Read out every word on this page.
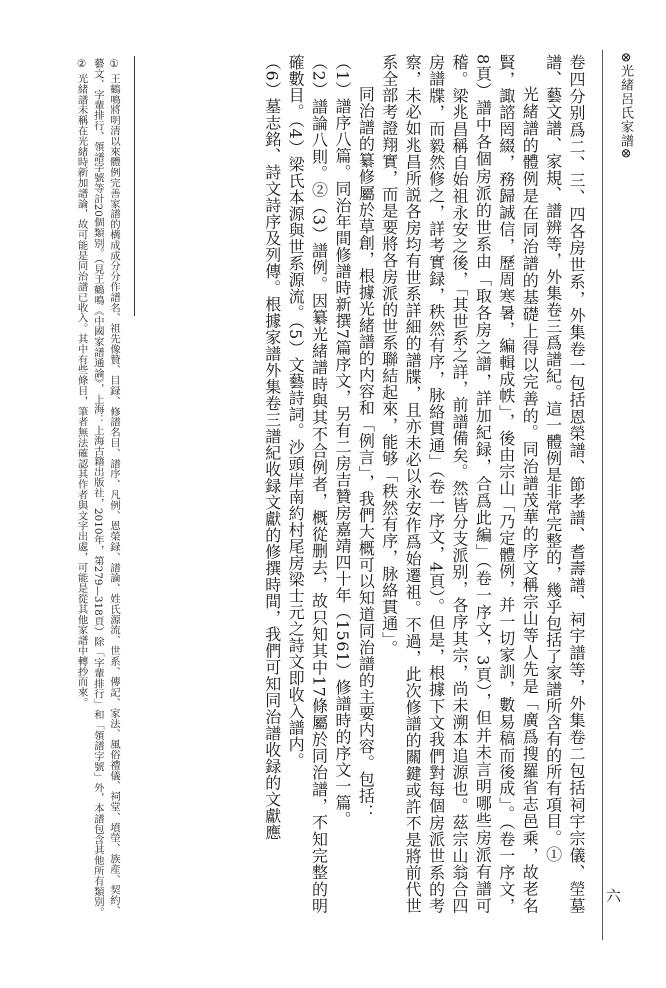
⊗光緒呂氏家譜⊗
六

卷四分别爲二、三、四各房世系，外集卷一包括恩榮譜、節孝譜、耆壽譜、祠宇譜等，外集卷二包括祠宇宗儀、塋墓譜、藝文譜、家規、譜辨等，外集卷三爲譜紀。這一體例是非常完整的，幾乎包括了家譜所含有的所有項目。①

光緒譜的體例是在同治譜的基礎上得以完善的。同治譜茂華的序文稱宗山等人先是「廣爲搜羅省志邑乘，故老名賢，諏諮罔綴，務歸誠信，歷周寒暑，編輯成帙」，後由宗山「乃定體例，并一切家訓，數易稿而後成」。（卷一序文，8頁）譜中各個房派的世系由「取各房之譜，詳加紀録，合爲此編」（卷一序文，3頁），但并未言明哪些房派有譜可稽。梁兆昌稱自始祖永安之後，「其世系之詳，前譜備矣。然皆分支派别，各序其宗，尚未溯本追源也。茲宗山翁合四房譜牒，而毅然修之，詳考實録，秩然有序，脉絡貫通」（卷一序文，4頁）。但是，根據下文我們對每個房派世系的考察，未必如兆昌所説各房均有世系詳細的譜牒，且亦未必以永安作爲始遷祖。不過，此次修譜的關鍵或許不是將前代世系全部考證翔實，而是要將各房派的世系聯結起來，能够「秩然有序，脉絡貫通」。

同治譜的纂修屬於草創，根據光緒譜的内容和「例言」，我們大概可以知道同治譜的主要内容。包括：

（1）譜序八篇。同治年間修譜時新撰7篇序文，另有二房吉贊房嘉靖四十年（1561）修譜時的序文一篇。

（2）譜論八則。②（3）譜例。因纂光緒譜時與其不合例者，概從删去，故只知其中17條屬於同治譜，不知完整的明確數目。（4）梁氏本源與世系源流。（5）文藝詩詞。沙頭岸南約村尾房梁士元之詩文即收入譜内。

（6）墓志銘、詩文詩序及列傳。根據家譜外集卷三譜紀收録文獻的修撰時間，我們可知同治譜收録的文獻應

① 王鶴鳴將明清以來體例完善家譜的構成成分分作譜名、祖先像贊、目録、修譜名目、譜序、凡例、恩榮録、譜論、姓氏源流、世系、傳記、家法、風俗禮儀、祠堂、墳塋、族産、契約、藝文、字輩排行、領譜字號等計20個類别。（見王鶴鳴《中國家譜通論》，上海：上海古籍出版社，2010年，第279—318頁）除「字輩排行」和「領譜字號」外，本譜包含其他所有類别。

② 光緒譜未稱在光緒時新加譜論，故可能是同治譜已收入。其中有些條目，筆者無法確認其作者與文字出處，可能是從其他家譜中轉抄而來。
